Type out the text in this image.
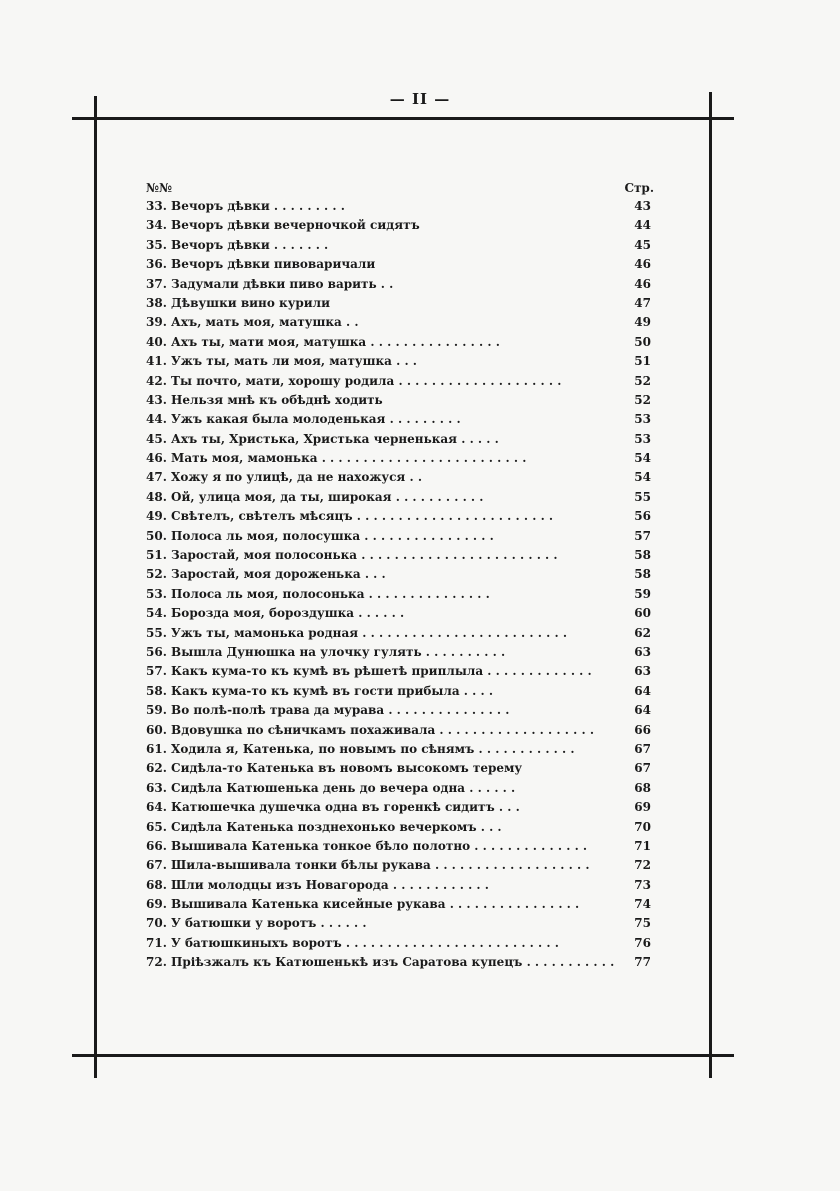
— II —
№№	Стр.
33. Вечоръ дѣвки . . . . . . . . .	43
34. Вечоръ дѣвки вечерночкой сидятъ	44
35. Вечоръ дѣвки . . . . . . .	45
36. Вечоръ дѣвки пивоваричали	46
37. Задумали дѣвки пиво варить . .	46
38. Дѣвушки вино курили	47
39. Ахъ, мать моя, матушка . .	49
40. Ахъ ты, мати моя, матушка . . . . . . . . . . . . . . . .	50
41. Ужъ ты, мать ли моя, матушка . . .	51
42. Ты почто, мати, хорошу родила . . . . . . . . . . . . . . . . . . . .	52
43. Нельзя мнѣ къ обѣднѣ ходить	52
44. Ужъ какая была молоденькая . . . . . . . . .	53
45. Ахъ ты, Христька, Христька черненькая . . . . .	53
46. Мать моя, мамонька . . . . . . . . . . . . . . . . . . . . . . . . .	54
47. Хожу я по улицѣ, да не нахожуся . .	54
48. Ой, улица моя, да ты, широкая . . . . . . . . . . .	55
49. Свѣтелъ, свѣтелъ мѣсяцъ . . . . . . . . . . . . . . . . . . . . . . . .	56
50. Полоса ль моя, полосушка . . . . . . . . . . . . . . . .	57
51. Заростай, моя полосонька . . . . . . . . . . . . . . . . . . . . . . . .	58
52. Заростай, моя дороженька . . .	58
53. Полоса ль моя, полосонька . . . . . . . . . . . . . . .	59
54. Борозда моя, бороздушка . . . . . .	60
55. Ужъ ты, мамонька родная . . . . . . . . . . . . . . . . . . . . . . . . .	62
56. Вышла Дунюшка на улочку гулять . . . . . . . . . .	63
57. Какъ кума-то къ кумѣ въ рѣшетѣ приплыла . . . . . . . . . . . . .	63
58. Какъ кума-то къ кумѣ въ гости прибыла . . . .	64
59. Во полѣ-полѣ трава да мурава . . . . . . . . . . . . . . .	64
60. Вдовушка по сѣничкамъ похаживала . . . . . . . . . . . . . . . . . . .	66
61. Ходила я, Катенька, по новымъ по сѣнямъ . . . . . . . . . . . .	67
62. Сидѣла-то Катенька въ новомъ высокомъ терему	67
63. Сидѣла Катюшенька день до вечера одна . . . . . .	68
64. Катюшечка душечка одна въ горенкѣ сидитъ . . .	69
65. Сидѣла Катенька позднехонько вечеркомъ . . .	70
66. Вышивала Катенька тонкое бѣло полотно . . . . . . . . . . . . . .	71
67. Шила-вышивала тонки бѣлы рукава . . . . . . . . . . . . . . . . . . .	72
68. Шли молодцы изъ Новагорода . . . . . . . . . . . .	73
69. Вышивала Катенька кисейные рукава . . . . . . . . . . . . . . . .	74
70. У батюшки у воротъ . . . . . .	75
71. У батюшкиныхъ воротъ . . . . . . . . . . . . . . . . . . . . . . . . . .	76
72. Пріѣзжалъ къ Катюшенькѣ изъ Саратова купецъ . . . . . . . . . . . 77
